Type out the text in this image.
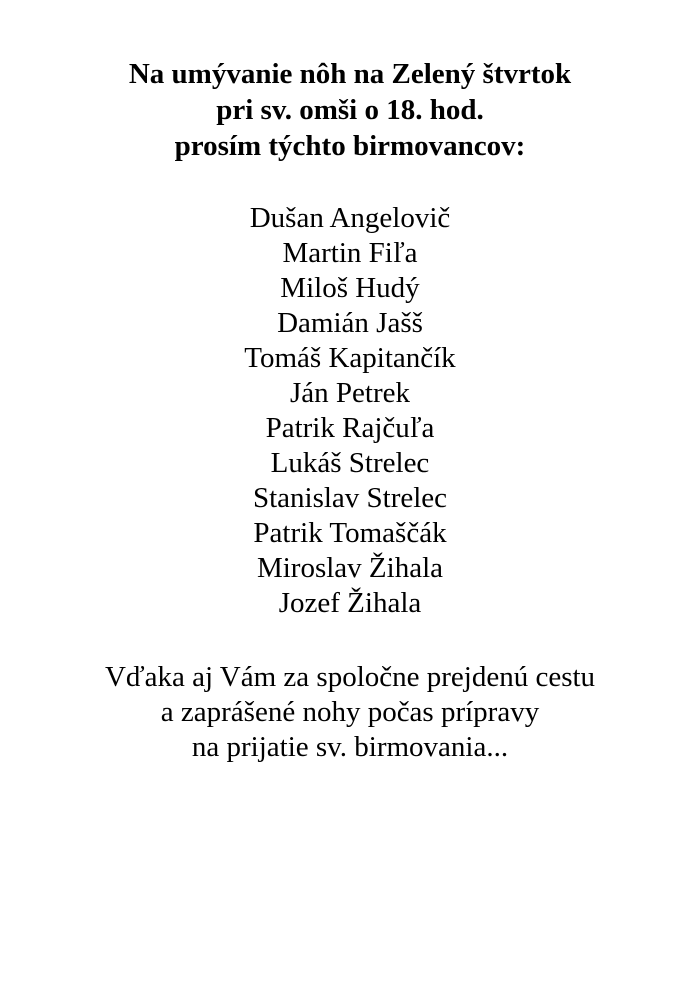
Na umývanie nôh na Zelený štvrtok
pri sv. omši o 18. hod.
prosím týchto birmovancov:
Dušan Angelovič
Martin Fiľa
Miloš Hudý
Damián Jašš
Tomáš Kapitančík
Ján Petrek
Patrik Rajčuľa
Lukáš Strelec
Stanislav Strelec
Patrik Tomaščák
Miroslav Žihala
Jozef Žihala
Vďaka aj Vám za spoločne prejdenú cestu
a zaprášené nohy počas prípravy
na prijatie sv. birmovania...
